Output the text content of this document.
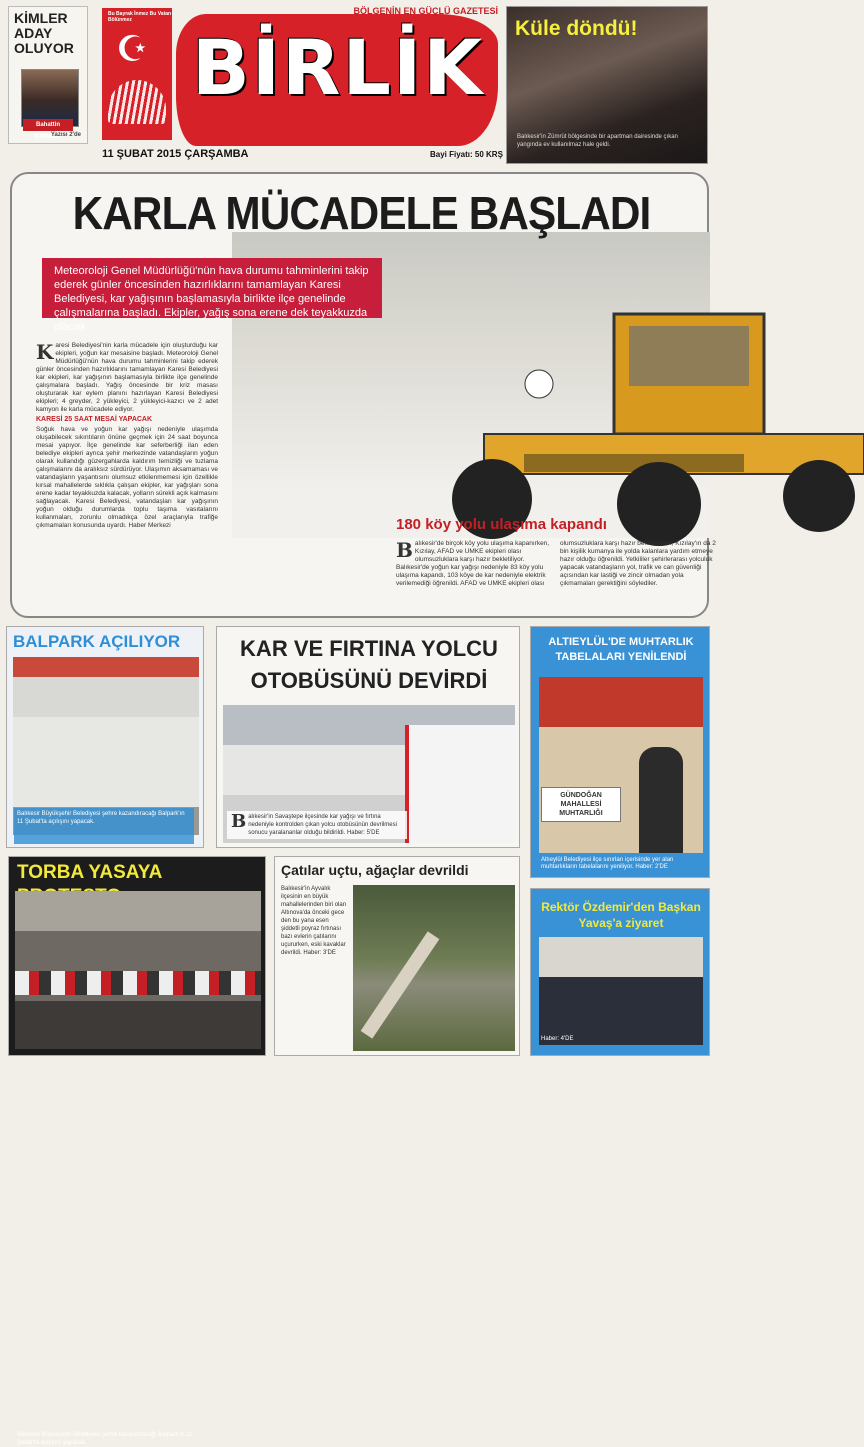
KİMLER ADAY OLUYOR
Bahattin KARACA
Yazısı 2'de
Bu Bayrak İnmez Bu Vatan Bölünmez
☪
BÖLGENİN EN GÜÇLÜ GAZETESİ
BİRLİK
11 ŞUBAT 2015 ÇARŞAMBA	Bayi Fiyatı: 50 KRŞ
Küle döndü!
Balıkesir'in Zümrüt bölgesinde bir apartman dairesinde çıkan yangında ev kullanılmaz hale geldi.
KARLA MÜCADELE BAŞLADI
Meteoroloji Genel Müdürlüğü'nün hava durumu tahminlerini takip ederek günler öncesinden hazırlıklarını tamamlayan Karesi Belediyesi, kar yağışının başlamasıyla birlikte ilçe genelinde çalışmalarına başladı. Ekipler, yağış sona erene dek teyakkuzda olacak
Karesi Belediyesi'nin karla mücadele için oluşturduğu kar ekipleri, yoğun kar mesaisine başladı. Meteoroloji Genel Müdürlüğü'nün hava durumu tahminlerini takip ederek günler öncesinden hazırlıklarını tamamlayan Karesi Belediyesi kar ekipleri, kar yağışının başlamasıyla birlikte ilçe genelinde çalışmalara başladı. Yağış öncesinde bir kriz masası oluşturarak kar eylem planını hazırlayan Karesi Belediyesi ekipleri; 4 greyder, 2 yükleyici, 2 yükleyici-kazıcı ve 2 adet kamyon ile karla mücadele ediyor.
KARESİ 25 SAAT MESAİ YAPACAK
Soğuk hava ve yoğun kar yağışı nedeniyle ulaşımda oluşabilecek sıkıntıların önüne geçmek için 24 saat boyunca mesai yapıyor. İlçe genelinde kar seferberliği ilan eden belediye ekipleri ayrıca şehir merkezinde vatandaşların yoğun olarak kullandığı güzergahlarda kaldırım temizliği ve tuzlama çalışmalarını da aralıksız sürdürüyor. Ulaşımın aksamaması ve vatandaşların yaşantısını olumsuz etkilenmemesi için özellikle kırsal mahallelerde sıklıkla çalışan ekipler, kar yağışları sona erene kadar teyakkuzda kalacak, yolların sürekli açık kalmasını sağlayacak. Karesi Belediyesi, vatandaşları kar yağışının yoğun olduğu durumlarda toplu taşıma vasıtalarını kullanmaları, zorunlu olmadıkça özel araçlarıyla trafiğe çıkmamaları konusunda uyardı. Haber Merkezi	180 köy yolu ulaşıma kapandı
Balıkesir'de birçok köy yolu ulaşıma kapanırken, Kızılay, AFAD ve UMKE ekipleri olası olumsuzluklara karşı hazır bekletiliyor. Balıkesir'de yoğun kar yağışı nedeniyle 83 köy yolu ulaşıma kapandı, 103 köye de kar nedeniyle elektrik verilemediği öğrenildi. AFAD ve UMKE ekipleri olası
olumsuzluklara karşı hazır bekletilirken, Kızılay'ın da 2 bin kişilik kumanya ile yolda kalanlara yardım etmeye hazır olduğu öğrenildi. Yetkililer şehirlerarası yolculuk yapacak vatandaşların yol, trafik ve can güvenliği açısından kar lastiği ve zincir olmadan yola çıkmamaları gerektiğini söylediler.
BALPARK AÇILIYOR
Balıkesir Büyükşehir Belediyesi şehre kazandıracağı Balpark'ın 11 Şubat'ta açılışını yapacak.
Balıkesir Büyükşehir Belediyesi şehre kazandıracağı Balpark'ın 11 Şubat'ta açılışını yapacak.
KAR VE FIRTINA YOLCU
OTOBÜSÜNÜ DEVİRDİ
Balıkesir'in Savaştepe ilçesinde kar yağışı ve fırtına nedeniyle kontrolden çıkan yolcu otobüsünün devrilmesi sonucu yaralananlar olduğu bildirildi. Haber: 5'DE
ALTIEYLÜL'DE MUHTARLIK TABELALARI YENİLENDİ
GÜNDOĞAN MAHALLESİ MUHTARLIĞI
Altıeylül Belediyesi ilçe sınırları içerisinde yer alan muhtarlıkların tabelalarını yeniliyor. Haber: 2'DE
TORBA YASAYA	Çatılar uçtu, ağaçlar devrildi
Balıkesir'in Ayvalık ilçesinin en büyük mahallelerinden biri olan Altınova'da önceki gece den bu yana esen şiddetli poyraz fırtınası bazı evlerin çatılarını uçururken, eski kavaklar devrildi. Haber: 3'DE
Rektör Özdemir'den Başkan Yavaş'a ziyaret
Haber: 4'DE
